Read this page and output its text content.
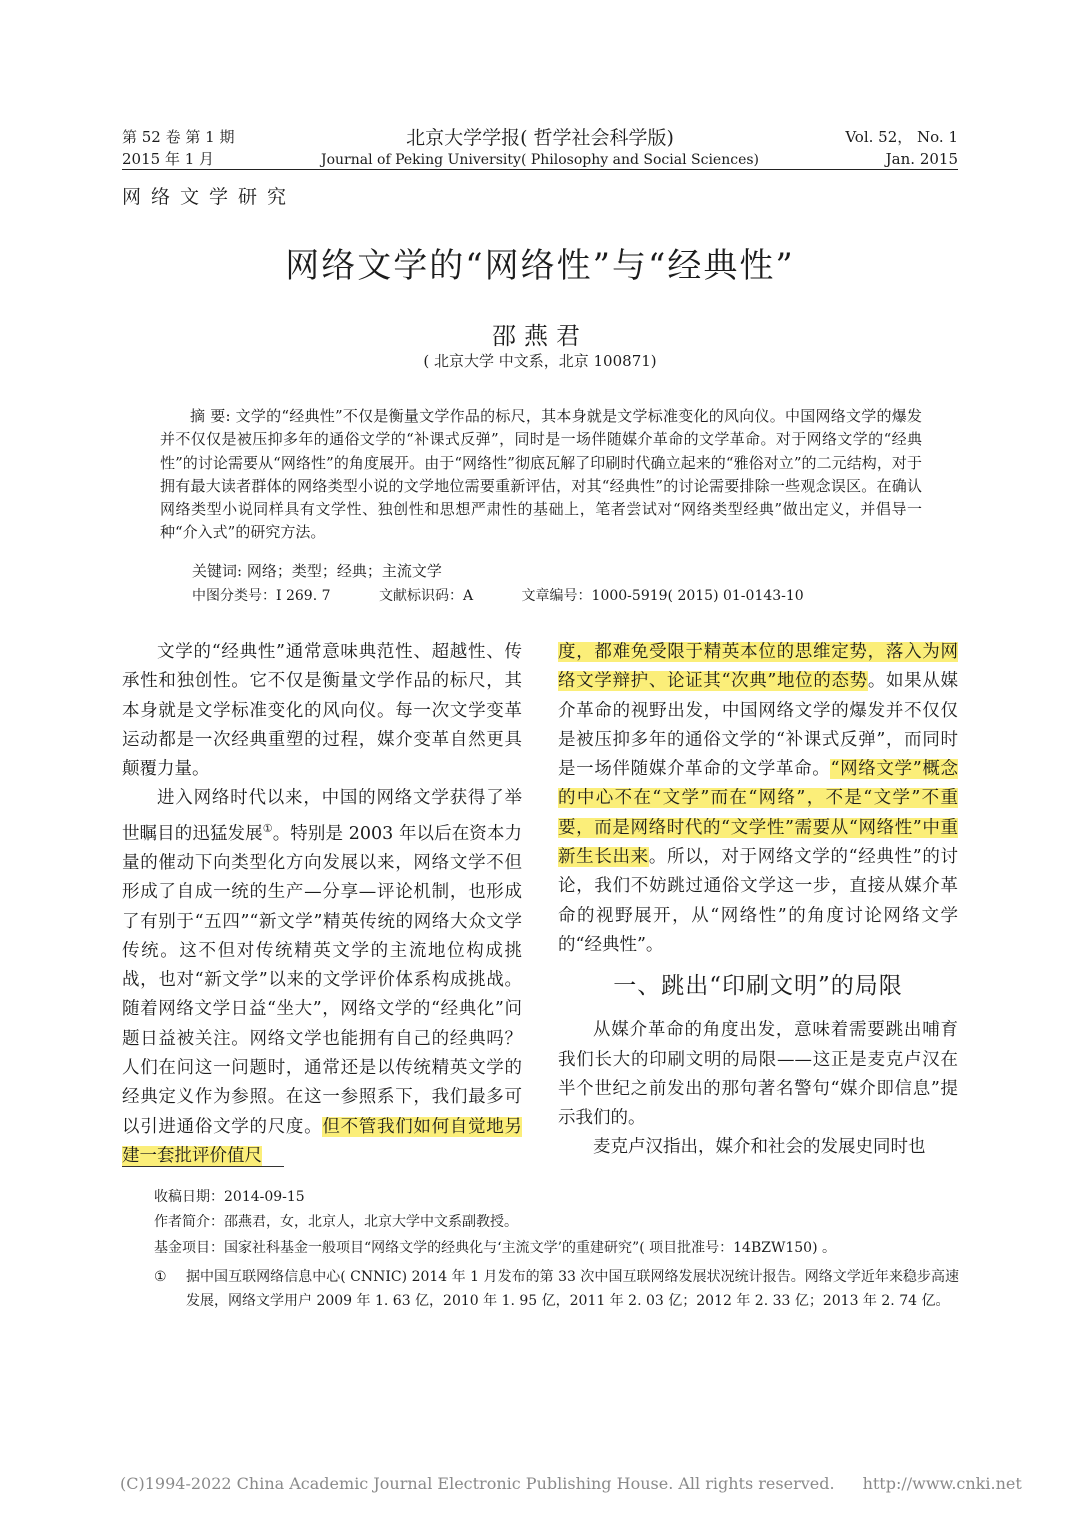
第 52 卷 第 1 期
2015 年 1 月
北京大学学报( 哲学社会科学版)
Journal of Peking University( Philosophy and Social Sciences)
Vol. 52， No. 1
Jan. 2015
网络文学研究
网络文学的“网络性”与“经典性”
邵燕君
( 北京大学 中文系，北京 100871)
摘 要: 文学的“经典性”不仅是衡量文学作品的标尺，其本身就是文学标准变化的风向仪。中国网络文学的爆发并不仅仅是被压抑多年的通俗文学的“补课式反弹”，同时是一场伴随媒介革命的文学革命。对于网络文学的“经典性”的讨论需要从“网络性”的角度展开。由于“网络性”彻底瓦解了印刷时代确立起来的“雅俗对立”的二元结构，对于拥有最大读者群体的网络类型小说的文学地位需要重新评估，对其“经典性”的讨论需要排除一些观念误区。在确认网络类型小说同样具有文学性、独创性和思想严肃性的基础上，笔者尝试对“网络类型经典”做出定义，并倡导一种“介入式”的研究方法。
关键词: 网络；类型；经典；主流文学
中图分类号：I 269. 7	文献标识码：A	文章编号：1000-5919( 2015) 01-0143-10

文学的“经典性”通常意味典范性、超越性、传承性和独创性。它不仅是衡量文学作品的标尺，其本身就是文学标准变化的风向仪。每一次文学变革运动都是一次经典重塑的过程，媒介变革自然更具颠覆力量。

进入网络时代以来，中国的网络文学获得了举世瞩目的迅猛发展①。特别是 2003 年以后在资本力量的催动下向类型化方向发展以来，网络文学不但形成了自成一统的生产—分享—评论机制，也形成了有别于“五四”“新文学”精英传统的网络大众文学传统。这不但对传统精英文学的主流地位构成挑战，也对“新文学”以来的文学评价体系构成挑战。随着网络文学日益“坐大”，网络文学的“经典化”问题日益被关注。网络文学也能拥有自己的经典吗？人们在问这一问题时，通常还是以传统精英文学的经典定义作为参照。在这一参照系下，我们最多可以引进通俗文学的尺度。但不管我们如何自觉地另建一套批评价值尺

度，都难免受限于精英本位的思维定势，落入为网络文学辩护、论证其“次典”地位的态势。如果从媒介革命的视野出发，中国网络文学的爆发并不仅仅是被压抑多年的通俗文学的“补课式反弹”，而同时是一场伴随媒介革命的文学革命。“网络文学”概念的中心不在“文学”而在“网络”，不是“文学”不重要，而是网络时代的“文学性”需要从“网络性”中重新生长出来。所以，对于网络文学的“经典性”的讨论，我们不妨跳过通俗文学这一步，直接从媒介革命的视野展开，从“网络性”的角度讨论网络文学的“经典性”。

一、跳出“印刷文明”的局限

从媒介革命的角度出发，意味着需要跳出哺育我们长大的印刷文明的局限——这正是麦克卢汉在半个世纪之前发出的那句著名警句“媒介即信息”提示我们的。

麦克卢汉指出，媒介和社会的发展史同时也

收稿日期：2014-09-15
作者简介：邵燕君，女，北京人，北京大学中文系副教授。
基金项目：国家社科基金一般项目“网络文学的经典化与‘主流文学’的重建研究”( 项目批准号：14BZW150) 。
① 据中国互联网络信息中心( CNNIC) 2014 年 1 月发布的第 33 次中国互联网络发展状况统计报告。网络文学近年来稳步高速发展，网络文学用户 2009 年 1. 63 亿，2010 年 1. 95 亿，2011 年 2. 03 亿；2012 年 2. 33 亿；2013 年 2. 74 亿。
(C)1994-2022 China Academic Journal Electronic Publishing House. All rights reserved. http://www.cnki.net
